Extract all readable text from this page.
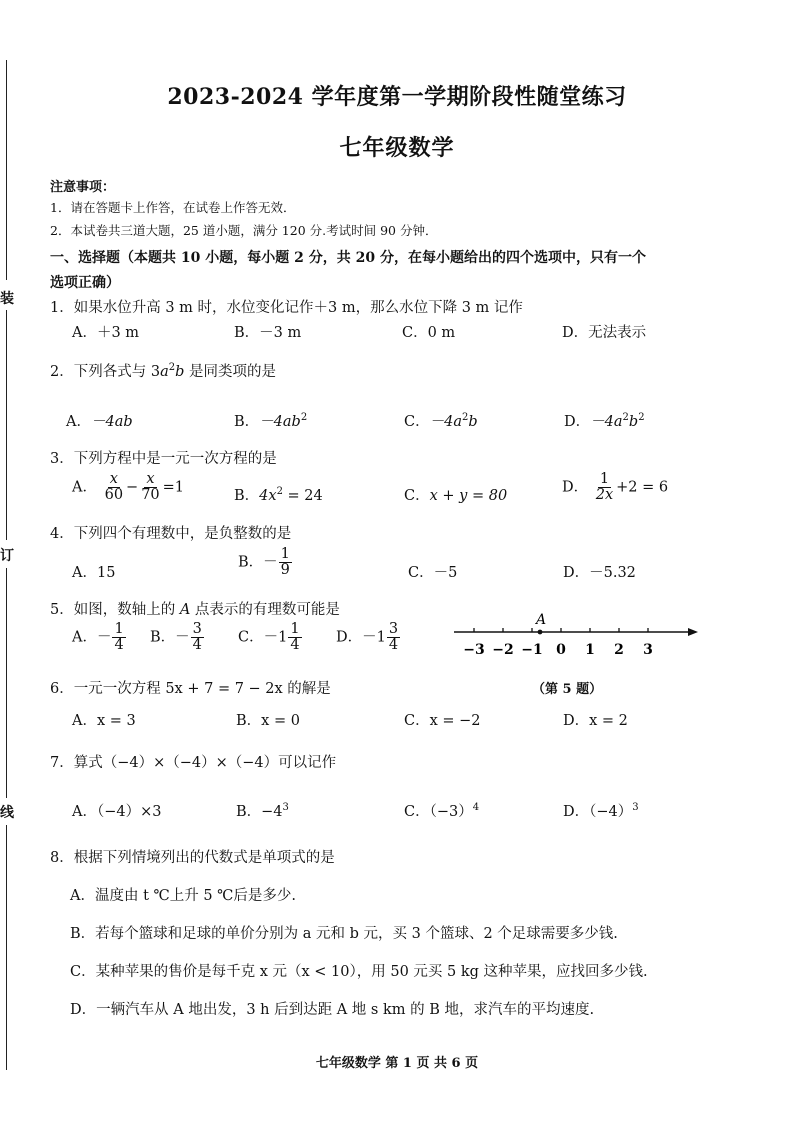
装
订
线
2023-2024 学年度第一学期阶段性随堂练习
七年级数学
注意事项：
1．请在答题卡上作答，在试卷上作答无效．
2．本试卷共三道大题，25 道小题，满分 120 分.考试时间 90 分钟．
一、选择题（本题共 10 小题，每小题 2 分，共 20 分，在每小题给出的四个选项中，只有一个
选项正确）
1．如果水位升高 3 m 时，水位变化记作＋3 m，那么水位下降 3 m 记作
A．＋3 m	B．－3 m	C．0 m	D．无法表示
2．下列各式与 $3a^2b$ 是同类项的是
A．－4ab	B．$-4ab^2$	C．$-4a^2b$	D．$-4a^2b^2$
3．下列方程中是一元一次方程的是
A． $\frac{x}{60} - \frac{x}{70} =1$
B．$4x^2 = 24$	C．x + y = 80
D． $\frac{1}{2x} +2 = 6$
4．下列四个有理数中，是负整数的是
A．15
B．－ $\frac{1}{9}$	C．－5	D．－5.32
5．如图，数轴上的 A 点表示的有理数可能是
A．－ $\frac{1}{4}$ B．－ $\frac{3}{4}$ C．$-1 \frac{1}{4}$ D．$-1 \frac{3}{4}$	−3 −2 −1 0 1 2 3
A
（第 5 题）
6．一元一次方程 5x + 7 = 7 − 2x 的解是
A．x = 3	B．x = 0	C．x = −2	D．x = 2
7．算式（−4）×（−4）×（−4）可以记作
A．（−4）×3	B．$-4^3$	C．$(-3)^4$	D．$(-4)^3$
8．根据下列情境列出的代数式是单项式的是
A．温度由 t ℃上升 5 ℃后是多少.
B．若每个篮球和足球的单价分别为 a 元和 b 元，买 3 个篮球、2 个足球需要多少钱.
C．某种苹果的售价是每千克 x 元（x < 10），用 50 元买 5 kg 这种苹果，应找回多少钱.
D．一辆汽车从 A 地出发，3 h 后到达距 A 地 s km 的 B 地，求汽车的平均速度.
七年级数学 第 1 页 共 6 页
